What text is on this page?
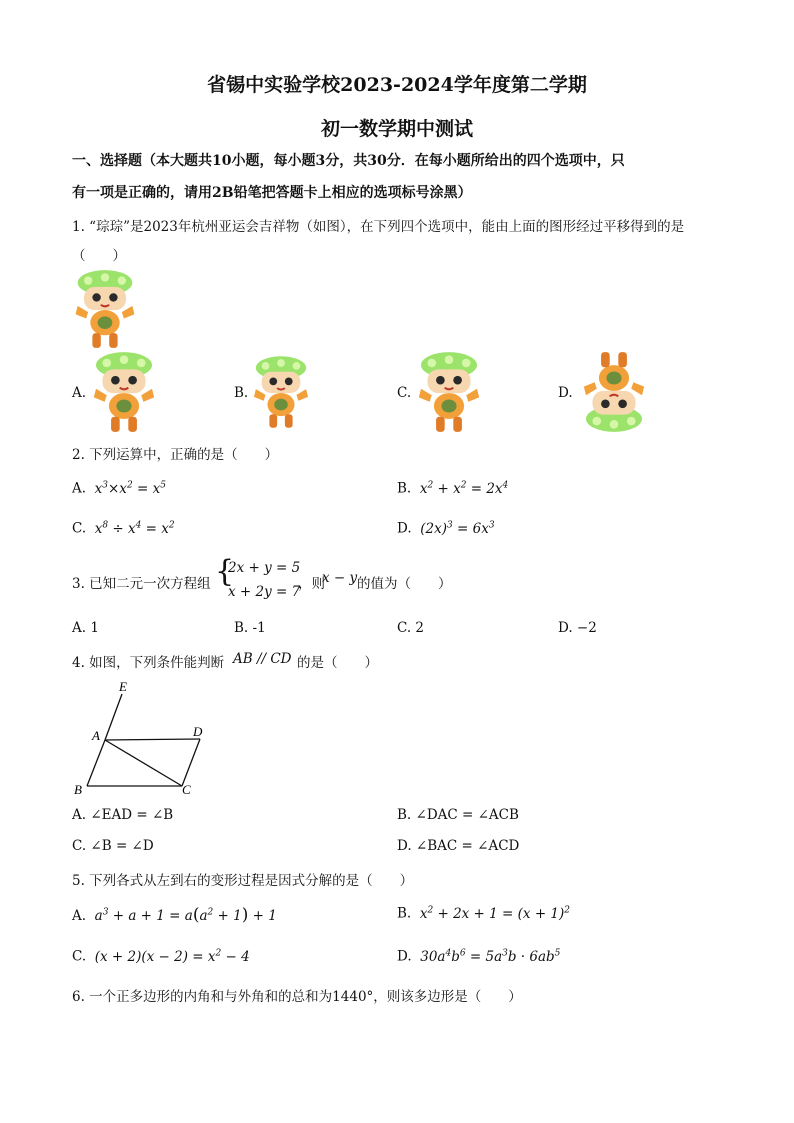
省锡中实验学校2023-2024学年度第二学期
初一数学期中测试
一、选择题（本大题共10小题，每小题3分，共30分．在每小题所给出的四个选项中，只
有一项是正确的，请用2B铅笔把答题卡上相应的选项标号涂黑）
1. “琮琮”是2023年杭州亚运会吉祥物（如图），在下列四个选项中，能由上面的图形经过平移得到的是
（　　）
A.	B.	C.	D.
2. 下列运算中，正确的是（　　）
A. $x^3\times x^2 = x^5$	B. $x^2 + x^2 = 2x^4$
C. $x^8 \div x^4 = x^2$	D. $(2x)^3 = 6x^3$
3. 已知二元一次方程组 {
2x + y = 5
x + 2y = 7
，则
x − y 的值为（　　）
A. 1	B. -1	C. 2	D. −2
4. 如图，下列条件能判断 AB // CD 的是（　　）
E
A	D
B	C
A. ∠EAD = ∠B	B. ∠DAC = ∠ACB
C. ∠B = ∠D	D. ∠BAC = ∠ACD
5. 下列各式从左到右的变形过程是因式分解的是（　　）
A. $a^3 + a + 1 = a(a^2 + 1) + 1$	B. $x^2 + 2x + 1 = (x + 1)^2$
C. $(x + 2)(x - 2) = x^2 - 4$	D. $30a^4b^6 = 5a^3b \cdot 6ab^5$
6. 一个正多边形的内角和与外角和的总和为1440°，则该多边形是（　　）
